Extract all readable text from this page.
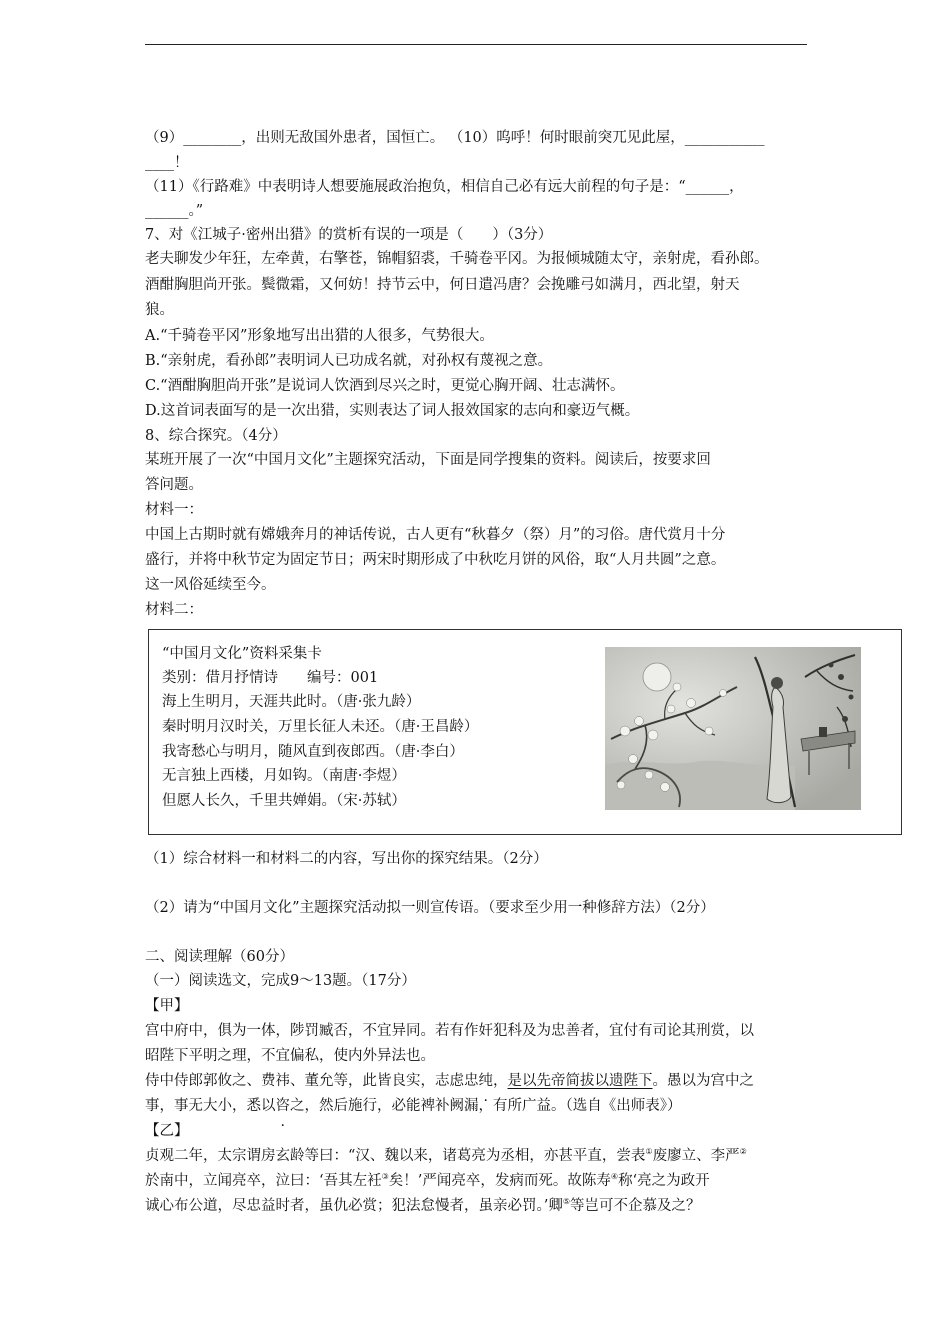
（9）________，出则无敌国外患者，国恒亡。 （10）呜呼！何时眼前突兀见此屋，___________
____！
（11）《行路难》中表明诗人想要施展政治抱负，相信自己必有远大前程的句子是：“______，
______。”
7、对《江城子·密州出猎》的赏析有误的一项是（　　）（3分）
老夫聊发少年狂，左牵黄，右擎苍，锦帽貂裘，千骑卷平冈。为报倾城随太守，亲射虎，看孙郎。
酒酣胸胆尚开张。鬓微霜，又何妨！持节云中，何日遣冯唐？会挽雕弓如满月，西北望，射天
狼。
A.“千骑卷平冈”形象地写出出猎的人很多，气势很大。
B.“亲射虎，看孙郎”表明词人已功成名就，对孙权有蔑视之意。
C.“酒酣胸胆尚开张”是说词人饮酒到尽兴之时，更觉心胸开阔、壮志满怀。
D.这首词表面写的是一次出猎，实则表达了词人报效国家的志向和豪迈气概。
8、综合探究。（4分）
某班开展了一次“中国月文化”主题探究活动，下面是同学搜集的资料。阅读后，按要求回
答问题。
材料一：
中国上古期时就有嫦娥奔月的神话传说，古人更有“秋暮夕（祭）月”的习俗。唐代赏月十分
盛行，并将中秋节定为固定节日；两宋时期形成了中秋吃月饼的风俗，取“人月共圆”之意。
这一风俗延续至今。
材料二：
“中国月文化”资料采集卡
类别：借月抒情诗　　编号：001
海上生明月，天涯共此时。（唐·张九龄）
秦时明月汉时关，万里长征人未还。（唐·王昌龄）
我寄愁心与明月，随风直到夜郎西。（唐·李白）
无言独上西楼，月如钩。（南唐·李煜）
但愿人长久，千里共婵娟。（宋·苏轼）
（1）综合材料一和材料二的内容，写出你的探究结果。（2分）
（2）请为“中国月文化”主题探究活动拟一则宣传语。（要求至少用一种修辞方法）（2分）
二、阅读理解（60分）
（一）阅读选文，完成9～13题。（17分）
【甲】
宫中府中，俱为一体，陟罚臧否，不宜异同。若有作奸犯科及为忠善者，宜付有司论其刑赏，以
昭陛下平明之理，不宜偏私，使内外异法也。
侍中侍郎郭攸之、费祎、董允等，此皆良实，志虑忠纯，是以先帝简拔以遗陛下。愚以为宫中之
事，事无大小，悉以咨之，然后施行，必能裨补阙漏，有所广益。（选自《出师表》）
【乙】
贞观二年，太宗谓房玄龄等曰：“汉、魏以来，诸葛亮为丞相，亦甚平直，尝表①废廖立、李严②
於南中，立闻亮卒，泣曰：‘吾其左衽③矣！’严闻亮卒，发病而死。故陈寿④称‘亮之为政开
诚心布公道，尽忠益时者，虽仇必赏；犯法怠慢者，虽亲必罚。’卿⑤等岂可不企慕及之？
